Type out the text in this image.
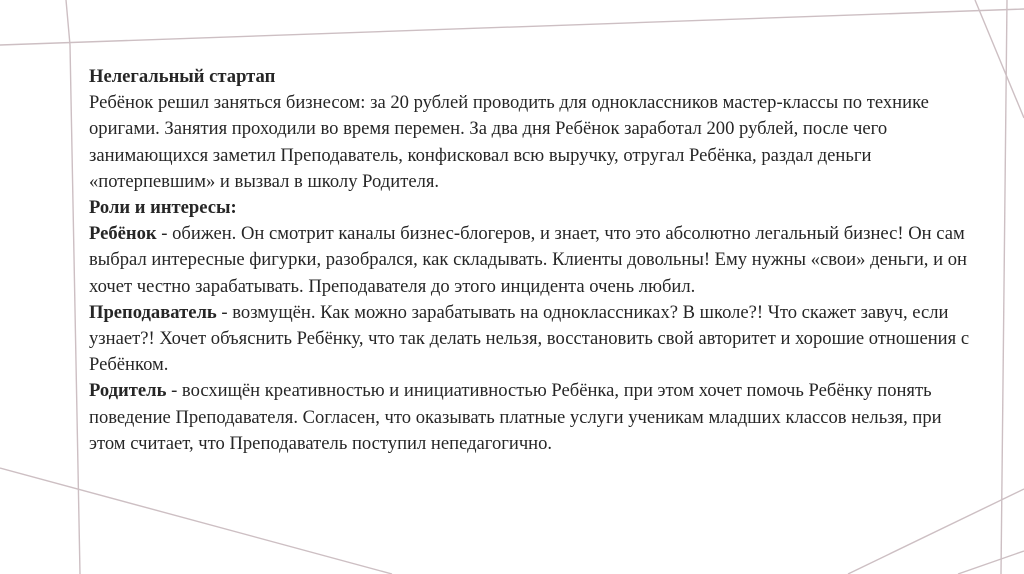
Нелегальный стартап

Ребёнок решил заняться бизнесом: за 20 рублей проводить для одноклассников мастер-классы по технике оригами. Занятия проходили во время перемен. За два дня Ребёнок заработал 200 рублей, после чего занимающихся заметил Преподаватель, конфисковал всю выручку, отругал Ребёнка, раздал деньги «потерпевшим» и вызвал в школу Родителя.

Роли и интересы:

Ребёнок - обижен. Он смотрит каналы бизнес-блогеров, и знает, что это абсолютно легальный бизнес! Он сам выбрал интересные фигурки, разобрался, как складывать. Клиенты довольны! Ему нужны «свои» деньги, и он хочет честно зарабатывать. Преподавателя до этого инцидента очень любил.

Преподаватель - возмущён. Как можно зарабатывать на одноклассниках? В школе?! Что скажет завуч, если узнает?! Хочет объяснить Ребёнку, что так делать нельзя, восстановить свой авторитет и хорошие отношения с Ребёнком.

Родитель - восхищён креативностью и инициативностью Ребёнка, при этом хочет помочь Ребёнку понять поведение Преподавателя. Согласен, что оказывать платные услуги ученикам младших классов нельзя, при этом считает, что Преподаватель поступил непедагогично.
